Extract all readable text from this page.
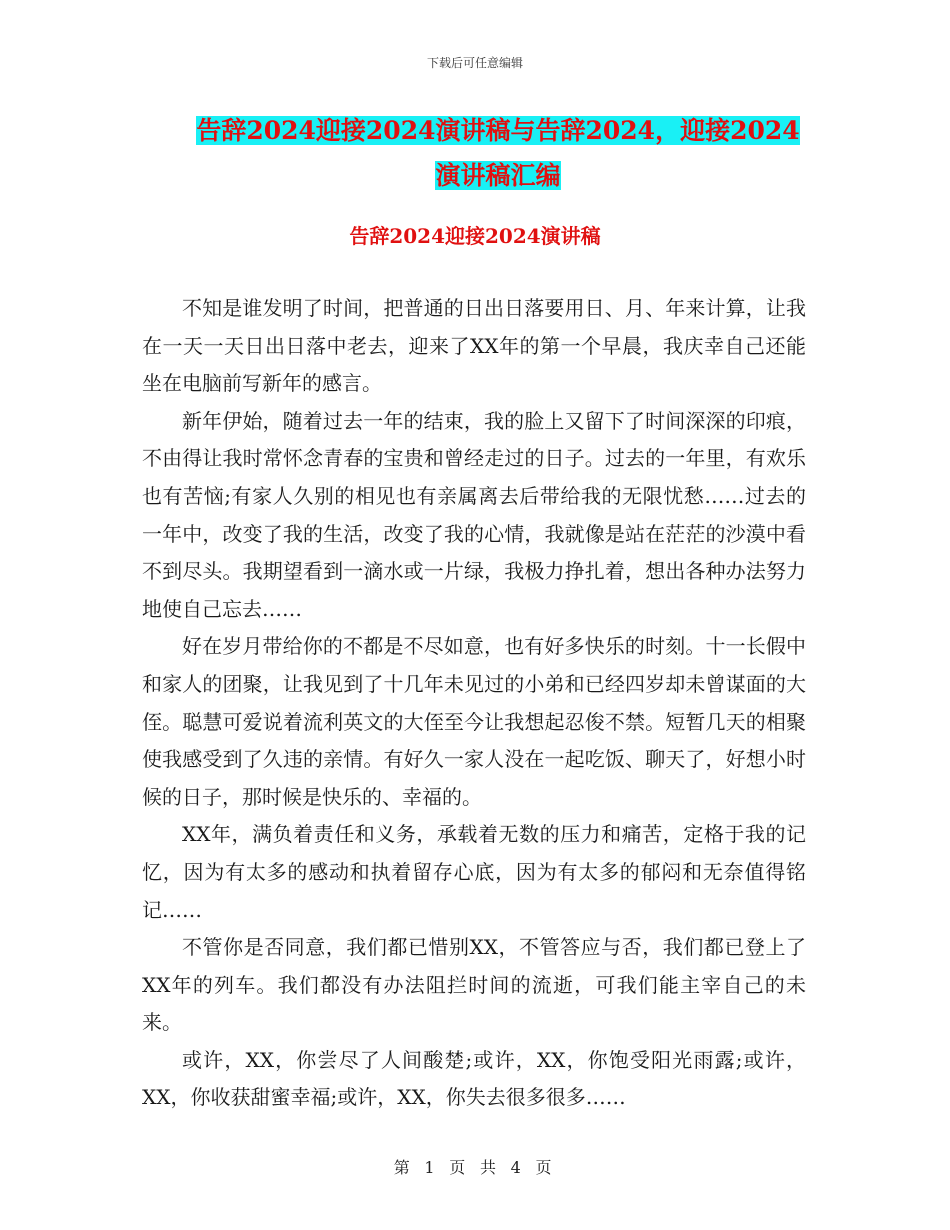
下载后可任意编辑
告辞2024迎接2024演讲稿与告辞2024，迎接2024演讲稿汇编
告辞2024迎接2024演讲稿

不知是谁发明了时间，把普通的日出日落要用日、月、年来计算，让我在一天一天日出日落中老去，迎来了XX年的第一个早晨，我庆幸自己还能坐在电脑前写新年的感言。

新年伊始，随着过去一年的结束，我的脸上又留下了时间深深的印痕，不由得让我时常怀念青春的宝贵和曾经走过的日子。过去的一年里，有欢乐也有苦恼;有家人久别的相见也有亲属离去后带给我的无限忧愁……过去的一年中，改变了我的生活，改变了我的心情，我就像是站在茫茫的沙漠中看不到尽头。我期望看到一滴水或一片绿，我极力挣扎着，想出各种办法努力地使自己忘去……

好在岁月带给你的不都是不尽如意，也有好多快乐的时刻。十一长假中和家人的团聚，让我见到了十几年未见过的小弟和已经四岁却未曾谋面的大侄。聪慧可爱说着流利英文的大侄至今让我想起忍俊不禁。短暂几天的相聚使我感受到了久违的亲情。有好久一家人没在一起吃饭、聊天了，好想小时候的日子，那时候是快乐的、幸福的。

XX年，满负着责任和义务，承载着无数的压力和痛苦，定格于我的记忆，因为有太多的感动和执着留存心底，因为有太多的郁闷和无奈值得铭记……

不管你是否同意，我们都已惜别XX，不管答应与否，我们都已登上了XX年的列车。我们都没有办法阻拦时间的流逝，可我们能主宰自己的未来。

或许，XX，你尝尽了人间酸楚;或许，XX，你饱受阳光雨露;或许，XX，你收获甜蜜幸福;或许，XX，你失去很多很多……

第 1 页 共 4 页
